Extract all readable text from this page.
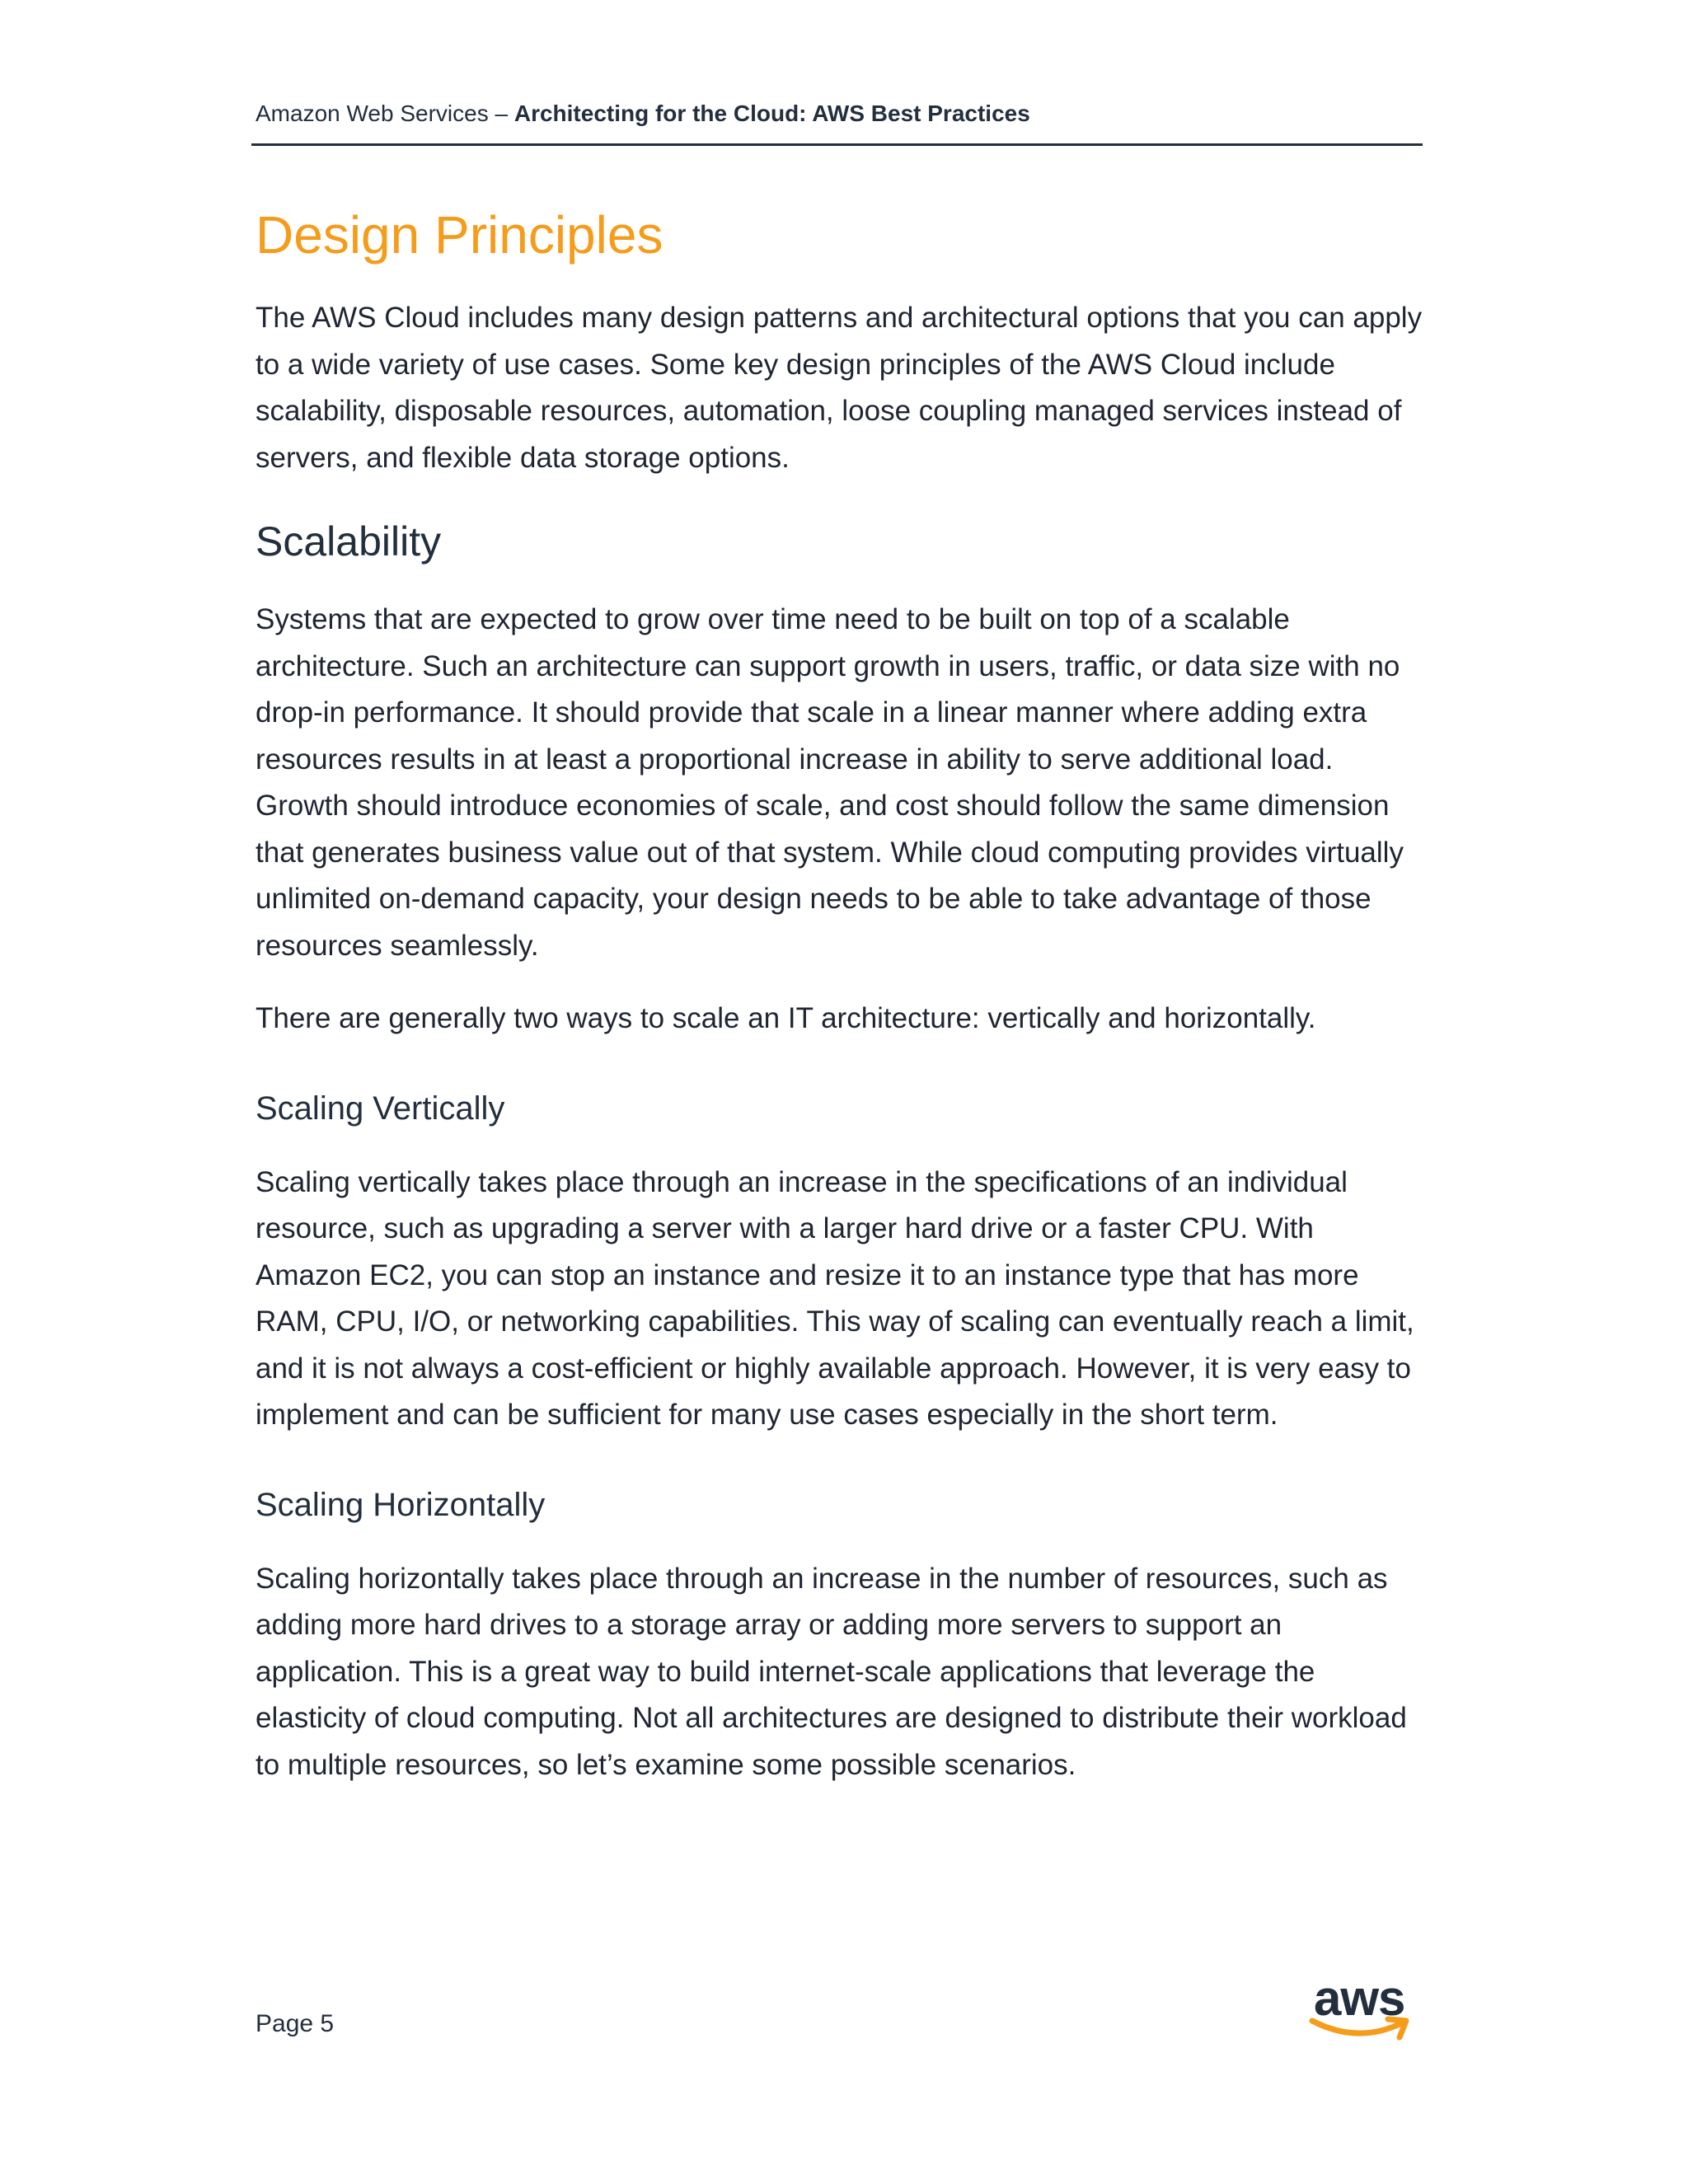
Amazon Web Services – Architecting for the Cloud: AWS Best Practices
Design Principles

The AWS Cloud includes many design patterns and architectural options that you can apply to a wide variety of use cases. Some key design principles of the AWS Cloud include scalability, disposable resources, automation, loose coupling managed services instead of servers, and flexible data storage options.

Scalability

Systems that are expected to grow over time need to be built on top of a scalable architecture. Such an architecture can support growth in users, traffic, or data size with no drop-in performance. It should provide that scale in a linear manner where adding extra resources results in at least a proportional increase in ability to serve additional load. Growth should introduce economies of scale, and cost should follow the same dimension that generates business value out of that system. While cloud computing provides virtually unlimited on-demand capacity, your design needs to be able to take advantage of those resources seamlessly.

There are generally two ways to scale an IT architecture: vertically and horizontally.

Scaling Vertically

Scaling vertically takes place through an increase in the specifications of an individual resource, such as upgrading a server with a larger hard drive or a faster CPU. With Amazon EC2, you can stop an instance and resize it to an instance type that has more RAM, CPU, I/O, or networking capabilities. This way of scaling can eventually reach a limit, and it is not always a cost-efficient or highly available approach. However, it is very easy to implement and can be sufficient for many use cases especially in the short term.

Scaling Horizontally

Scaling horizontally takes place through an increase in the number of resources, such as adding more hard drives to a storage array or adding more servers to support an application. This is a great way to build internet-scale applications that leverage the elasticity of cloud computing. Not all architectures are designed to distribute their workload to multiple resources, so let’s examine some possible scenarios.

Page 5	aws
